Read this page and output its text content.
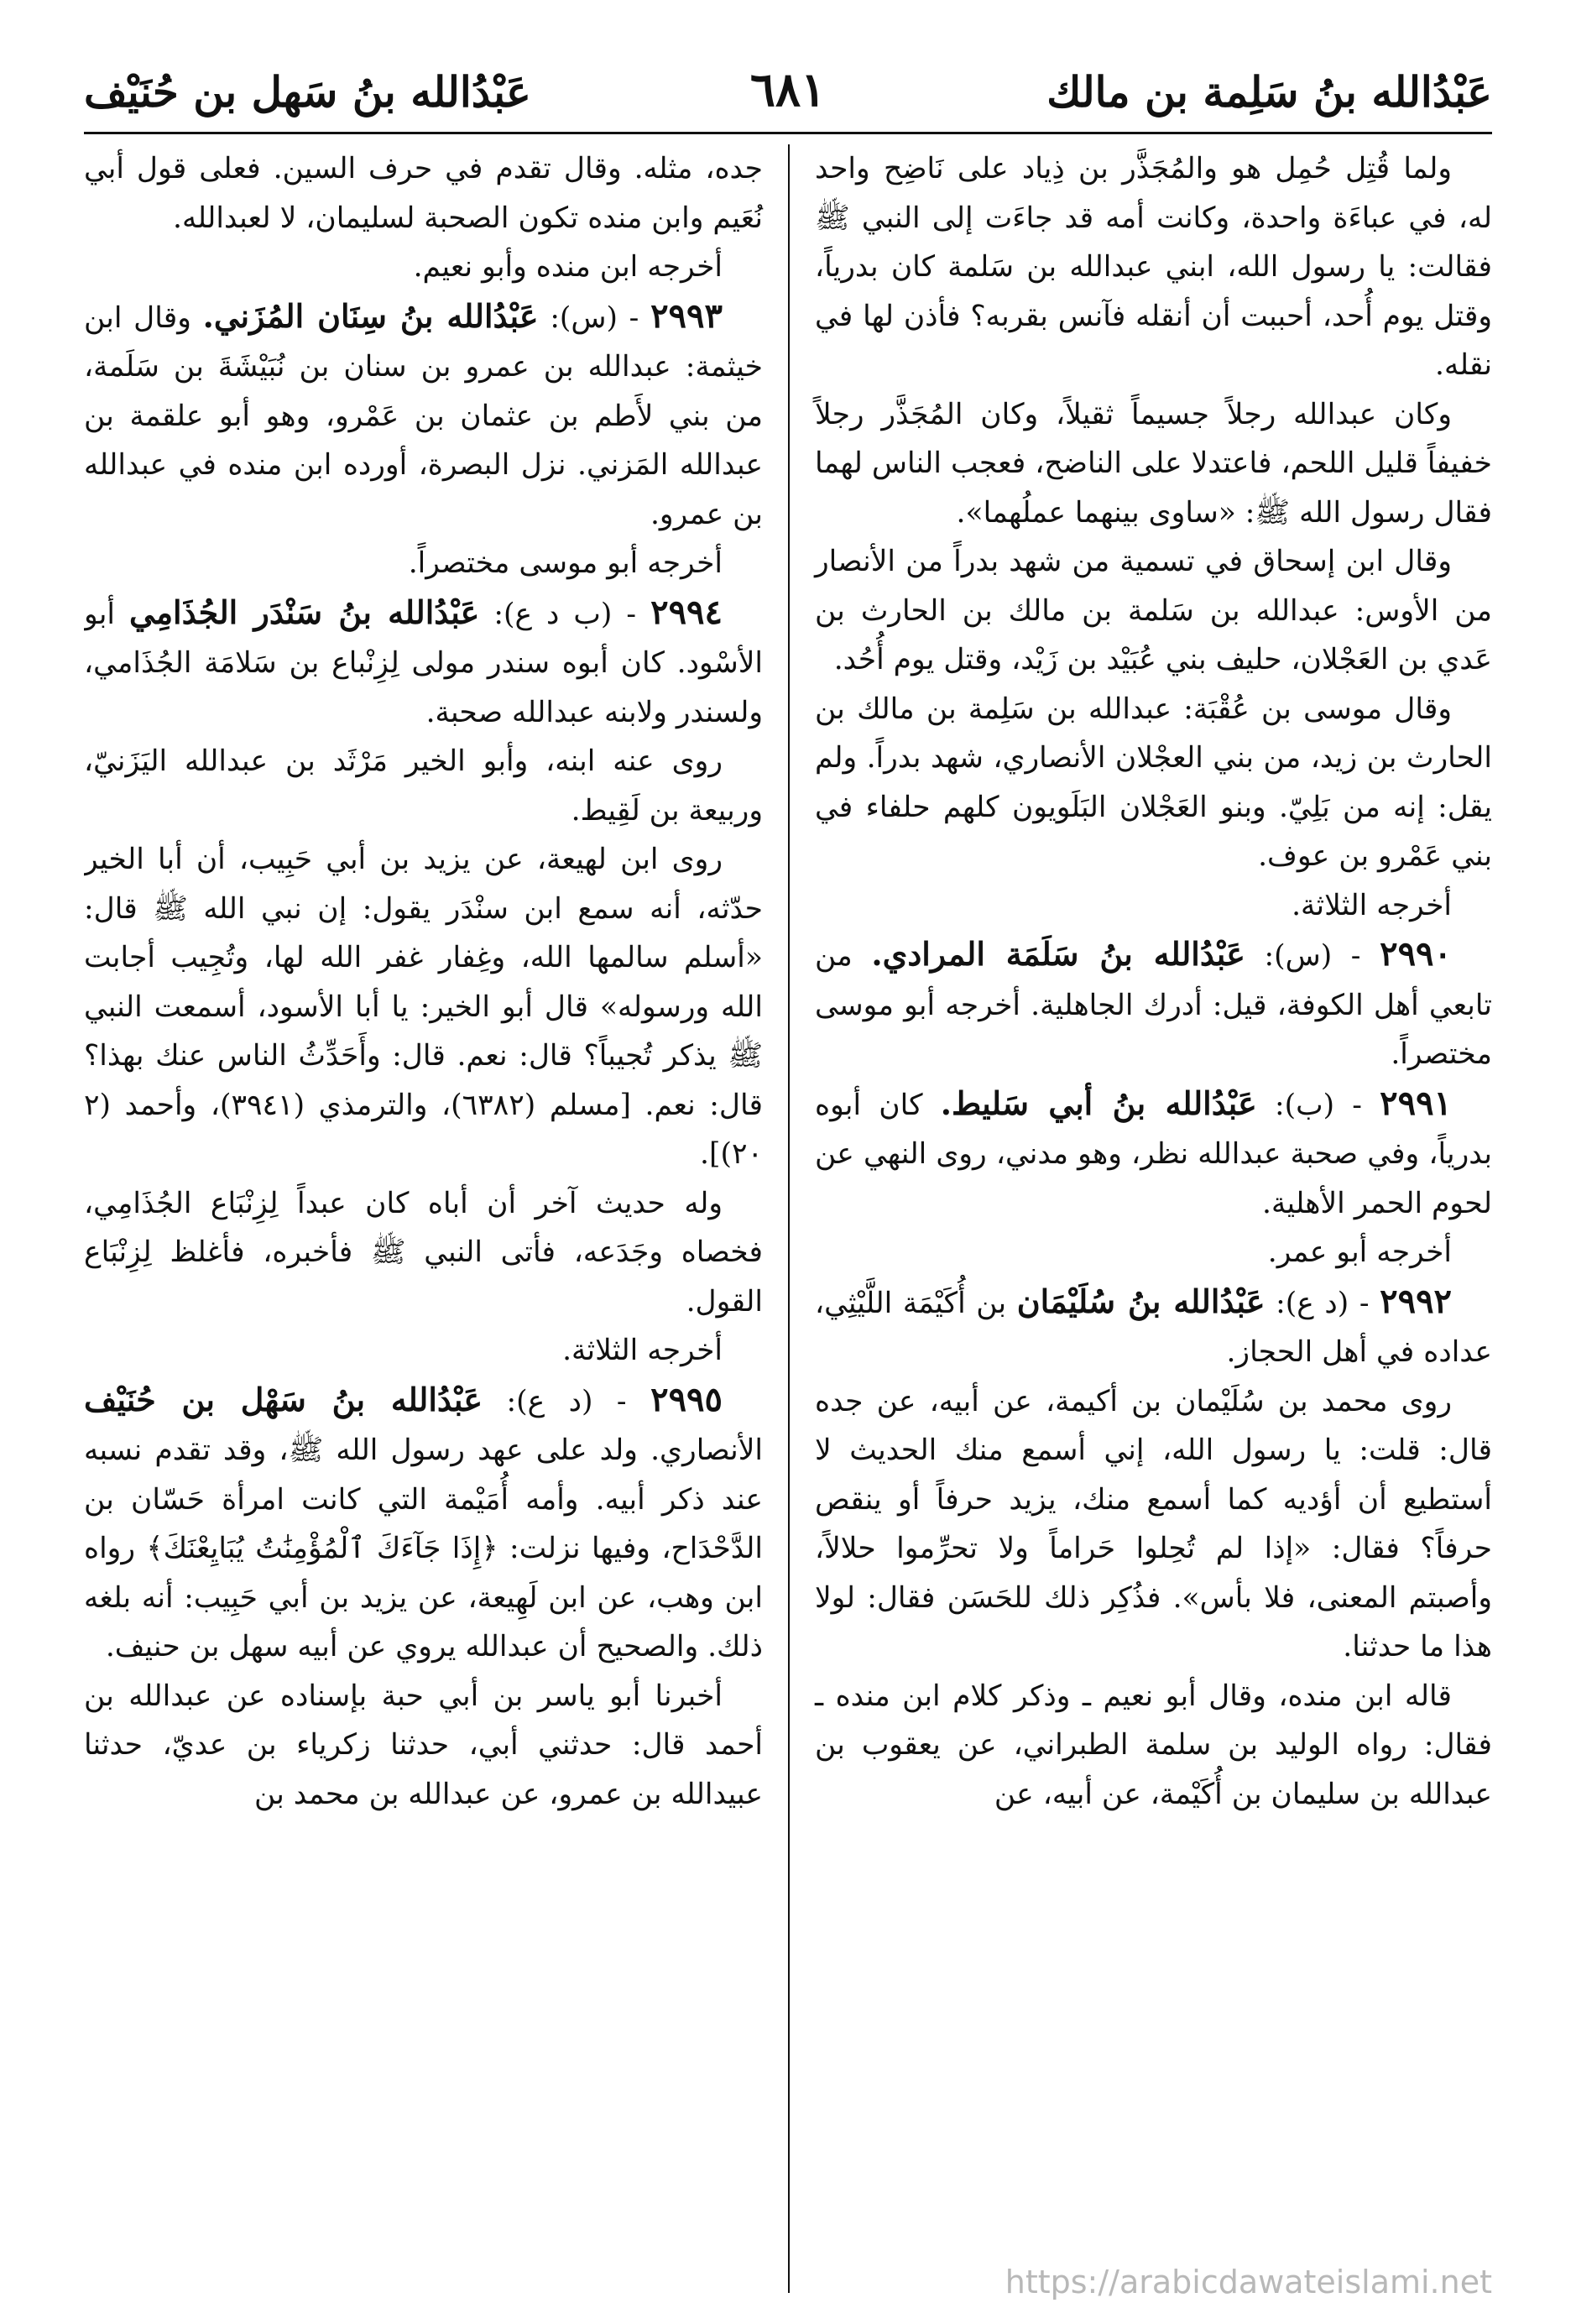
عَبْدُالله بنُ سَلِمة بن مالك
٦٨١
عَبْدُالله بنُ سَهل بن حُنَيْف

ولما قُتِل حُمِل هو والمُجَذَّر بن ذِياد على نَاضِح واحد له، في عباءَة واحدة، وكانت أمه قد جاءَت إلى النبي ﷺ فقالت: يا رسول الله، ابني عبدالله بن سَلمة كان بدرياً، وقتل يوم أُحد، أحببت أن أنقله فآنس بقربه؟ فأذن لها في نقله.

وكان عبدالله رجلاً جسيماً ثقيلاً، وكان المُجَذَّر رجلاً خفيفاً قليل اللحم، فاعتدلا على الناضح، فعجب الناس لهما فقال رسول الله ﷺ: «ساوى بينهما عملُهما».

وقال ابن إسحاق في تسمية من شهد بدراً من الأنصار من الأوس: عبدالله بن سَلمة بن مالك بن الحارث بن عَدي بن العَجْلان، حليف بني عُبَيْد بن زَيْد، وقتل يوم أُحُد.

وقال موسى بن عُقْبَة: عبدالله بن سَلِمة بن مالك بن الحارث بن زيد، من بني العجْلان الأنصاري، شهد بدراً. ولم يقل: إنه من بَلِيّ. وبنو العَجْلان البَلَويون كلهم حلفاء في بني عَمْرو بن عوف.

أخرجه الثلاثة.

٢٩٩٠ - (س): عَبْدُالله بنُ سَلَمَة المرادي. من تابعي أهل الكوفة، قيل: أدرك الجاهلية. أخرجه أبو موسى مختصراً.

٢٩٩١ - (ب): عَبْدُالله بنُ أبي سَليط. كان أبوه بدرياً، وفي صحبة عبدالله نظر، وهو مدني، روى النهي عن لحوم الحمر الأهلية.

أخرجه أبو عمر.

٢٩٩٢ - (د ع): عَبْدُالله بنُ سُلَيْمَان بن أُكَيْمَة اللَّيْثِي، عداده في أهل الحجاز.

روى محمد بن سُلَيْمان بن أكيمة، عن أبيه، عن جده قال: قلت: يا رسول الله، إني أسمع منك الحديث لا أستطيع أن أؤديه كما أسمع منك، يزيد حرفاً أو ينقص حرفاً؟ فقال: «إذا لم تُحِلوا حَراماً ولا تحرِّموا حلالاً، وأصبتم المعنى، فلا بأس». فذُكِر ذلك للحَسَن فقال: لولا هذا ما حدثنا.

قاله ابن منده، وقال أبو نعيم ـ وذكر كلام ابن منده ـ فقال: رواه الوليد بن سلمة الطبراني، عن يعقوب بن عبدالله بن سليمان بن أُكَيْمة، عن أبيه، عن

جده، مثله. وقال تقدم في حرف السين. فعلى قول أبي نُعَيم وابن منده تكون الصحبة لسليمان، لا لعبدالله.

أخرجه ابن منده وأبو نعيم.

٢٩٩٣ - (س): عَبْدُالله بنُ سِنَان المُزَني. وقال ابن خيثمة: عبدالله بن عمرو بن سنان بن نُبَيْشَةَ بن سَلَمة، من بني لأَطم بن عثمان بن عَمْرو، وهو أبو علقمة بن عبدالله المَزني. نزل البصرة، أورده ابن منده في عبدالله بن عمرو.

أخرجه أبو موسى مختصراً.

٢٩٩٤ - (ب د ع): عَبْدُالله بنُ سَنْدَر الجُذَامِي أبو الأسْود. كان أبوه سندر مولى لِزِنْباع بن سَلامَة الجُذَامي، ولسندر ولابنه عبدالله صحبة.

روى عنه ابنه، وأبو الخير مَرْثَد بن عبدالله اليَزَنيّ، وربيعة بن لَقِيط.

روى ابن لهيعة، عن يزيد بن أبي حَبِيب، أن أبا الخير حدّثه، أنه سمع ابن سنْدَر يقول: إن نبي الله ﷺ قال: «أسلم سالمها الله، وغِفار غفر الله لها، وتُجِيب أجابت الله ورسوله» قال أبو الخير: يا أبا الأسود، أسمعت النبي ﷺ يذكر تُجيباً؟ قال: نعم. قال: وأَحَدِّثُ الناس عنك بهذا؟ قال: نعم. [مسلم (٦٣٨٢)، والترمذي (٣٩٤١)، وأحمد (٢ ٢٠)].

وله حديث آخر أن أباه كان عبداً لِزِنْبَاع الجُذَامِي، فخصاه وجَدَعه، فأتى النبي ﷺ فأخبره، فأغلظ لِزِنْبَاع القول.

أخرجه الثلاثة.

٢٩٩٥ - (د ع): عَبْدُالله بنُ سَهْل بن حُنَيْف الأنصاري. ولد على عهد رسول الله ﷺ، وقد تقدم نسبه عند ذكر أبيه. وأمه أُمَيْمة التي كانت امرأة حَسّان بن الدَّحْدَاح، وفيها نزلت: ﴿إِذَا جَآءَكَ ٱلْمُؤْمِنَٰتُ يُبَايِعْنَكَ﴾ رواه ابن وهب، عن ابن لَهِيعة، عن يزيد بن أبي حَبِيب: أنه بلغه ذلك. والصحيح أن عبدالله يروي عن أبيه سهل بن حنيف.

أخبرنا أبو ياسر بن أبي حبة بإسناده عن عبدالله بن أحمد قال: حدثني أبي، حدثنا زكرياء بن عديّ، حدثنا عبيدالله بن عمرو، عن عبدالله بن محمد بن

https://arabicdawateislami.net
